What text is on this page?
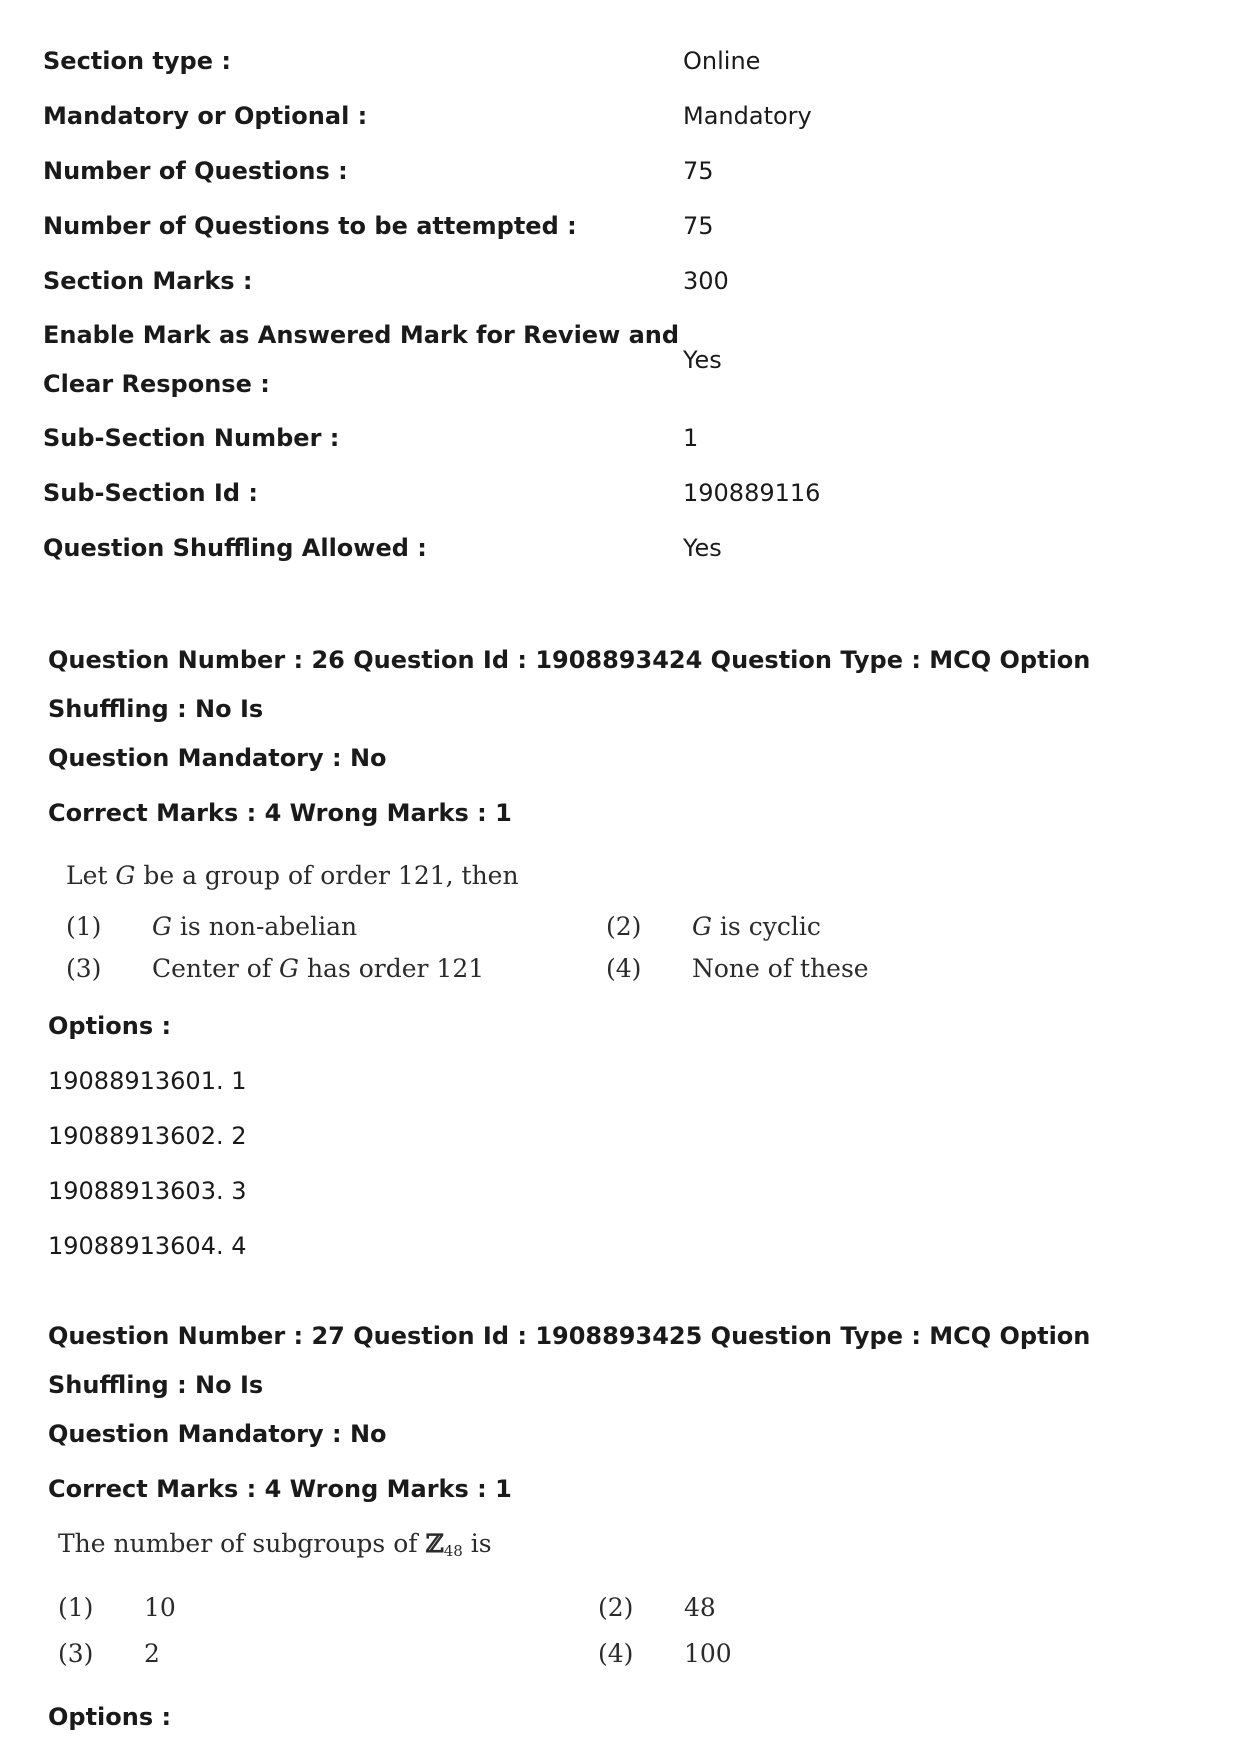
Section type :	Online
Mandatory or Optional :	Mandatory
Number of Questions :	75
Number of Questions to be attempted :	75
Section Marks :	300
Enable Mark as Answered Mark for Review and
Clear Response :
Yes
Sub-Section Number :	1
Sub-Section Id :	190889116
Question Shuffling Allowed :	Yes
Question Number : 26 Question Id : 1908893424 Question Type : MCQ Option Shuffling : No Is
Question Mandatory : No
Correct Marks : 4 Wrong Marks : 1
Let G be a group of order 121, then
(1)	G is non-abelian	(2)	G is cyclic
(3)	Center of G has order 121	(4)	None of these
Options :
19088913601. 1
19088913602. 2
19088913603. 3
19088913604. 4
Question Number : 27 Question Id : 1908893425 Question Type : MCQ Option Shuffling : No Is
Question Mandatory : No
Correct Marks : 4 Wrong Marks : 1
The number of subgroups of ℤ$_{48}$ is
(1)	10	(2)	48
(3)	2	(4)	100
Options :
